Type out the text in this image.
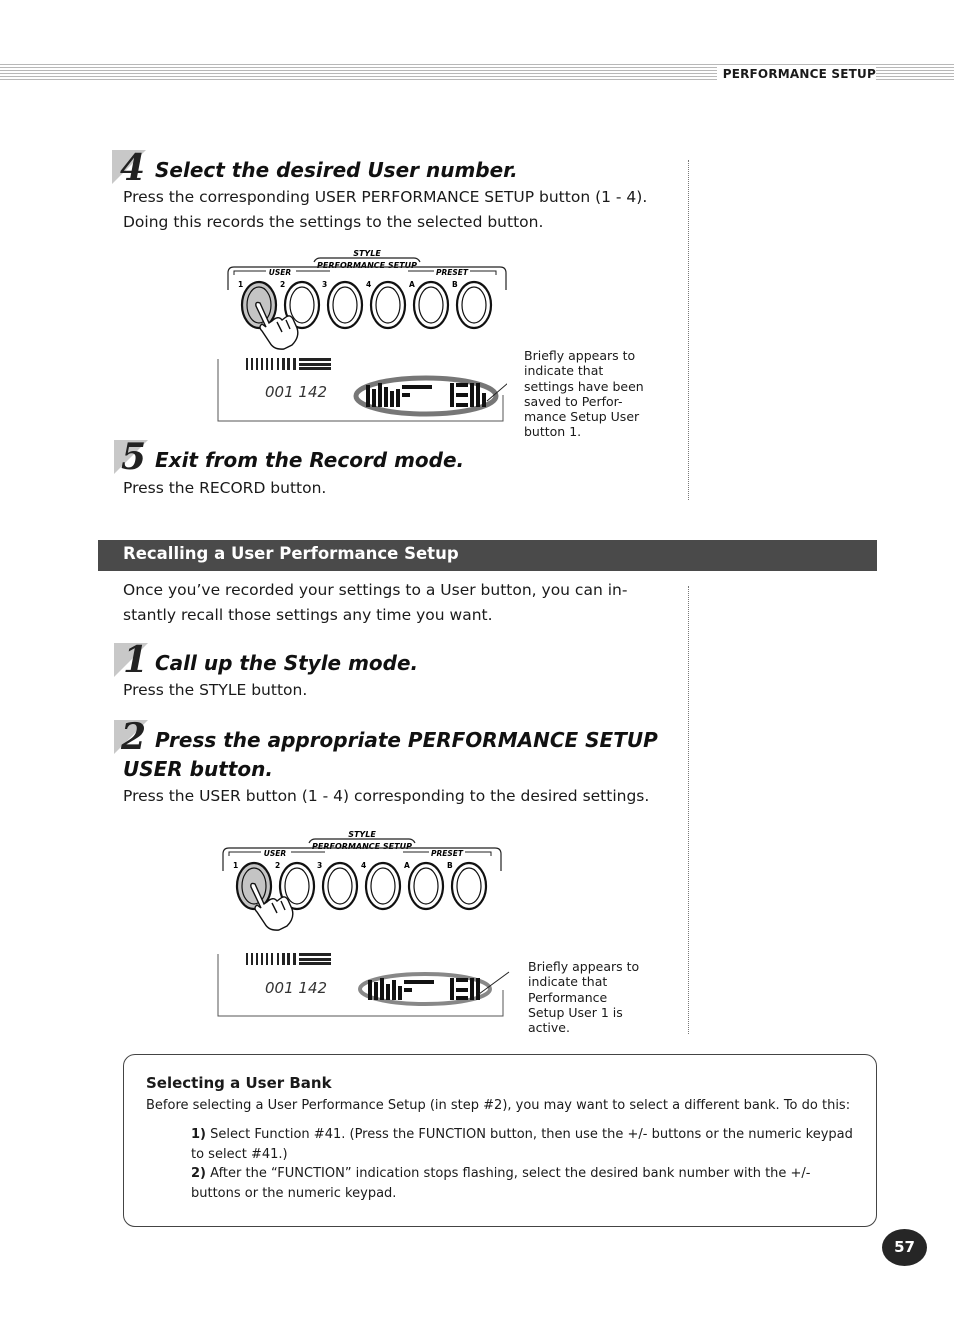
PERFORMANCE SETUP
4 Select the desired User number.
Press the corresponding USER PERFORMANCE SETUP button (1 - 4).
Doing this records the settings to the selected button.
STYLE
PERFORMANCE SETUP
USER	PRESET
1	2	3	4	A	B
001 142
Briefly appears to
indicate that
settings have been
saved to Perfor-
mance Setup User
button 1.
5 Exit from the Record mode.
Press the RECORD button.
Recalling a User Performance Setup
Once you’ve recorded your settings to a User button, you can in-
stantly recall those settings any time you want.
1 Call up the Style mode.
Press the STYLE button.
2 Press the appropriate PERFORMANCE SETUP
USER button.
Press the USER button (1 - 4) corresponding to the desired settings.
STYLE
PERFORMANCE SETUP
USER	PRESET
1	2	3	4	A	B
001 142
Briefly appears to
indicate that
Performance
Setup User 1 is
active.
Selecting a User Bank
Before selecting a User Performance Setup (in step #2), you may want to select a different bank. To do this:
1) Select Function #41. (Press the FUNCTION button, then use the +/- buttons or the numeric keypad
to select #41.)
2) After the “FUNCTION” indication stops flashing, select the desired bank number with the +/-
buttons or the numeric keypad.
57
